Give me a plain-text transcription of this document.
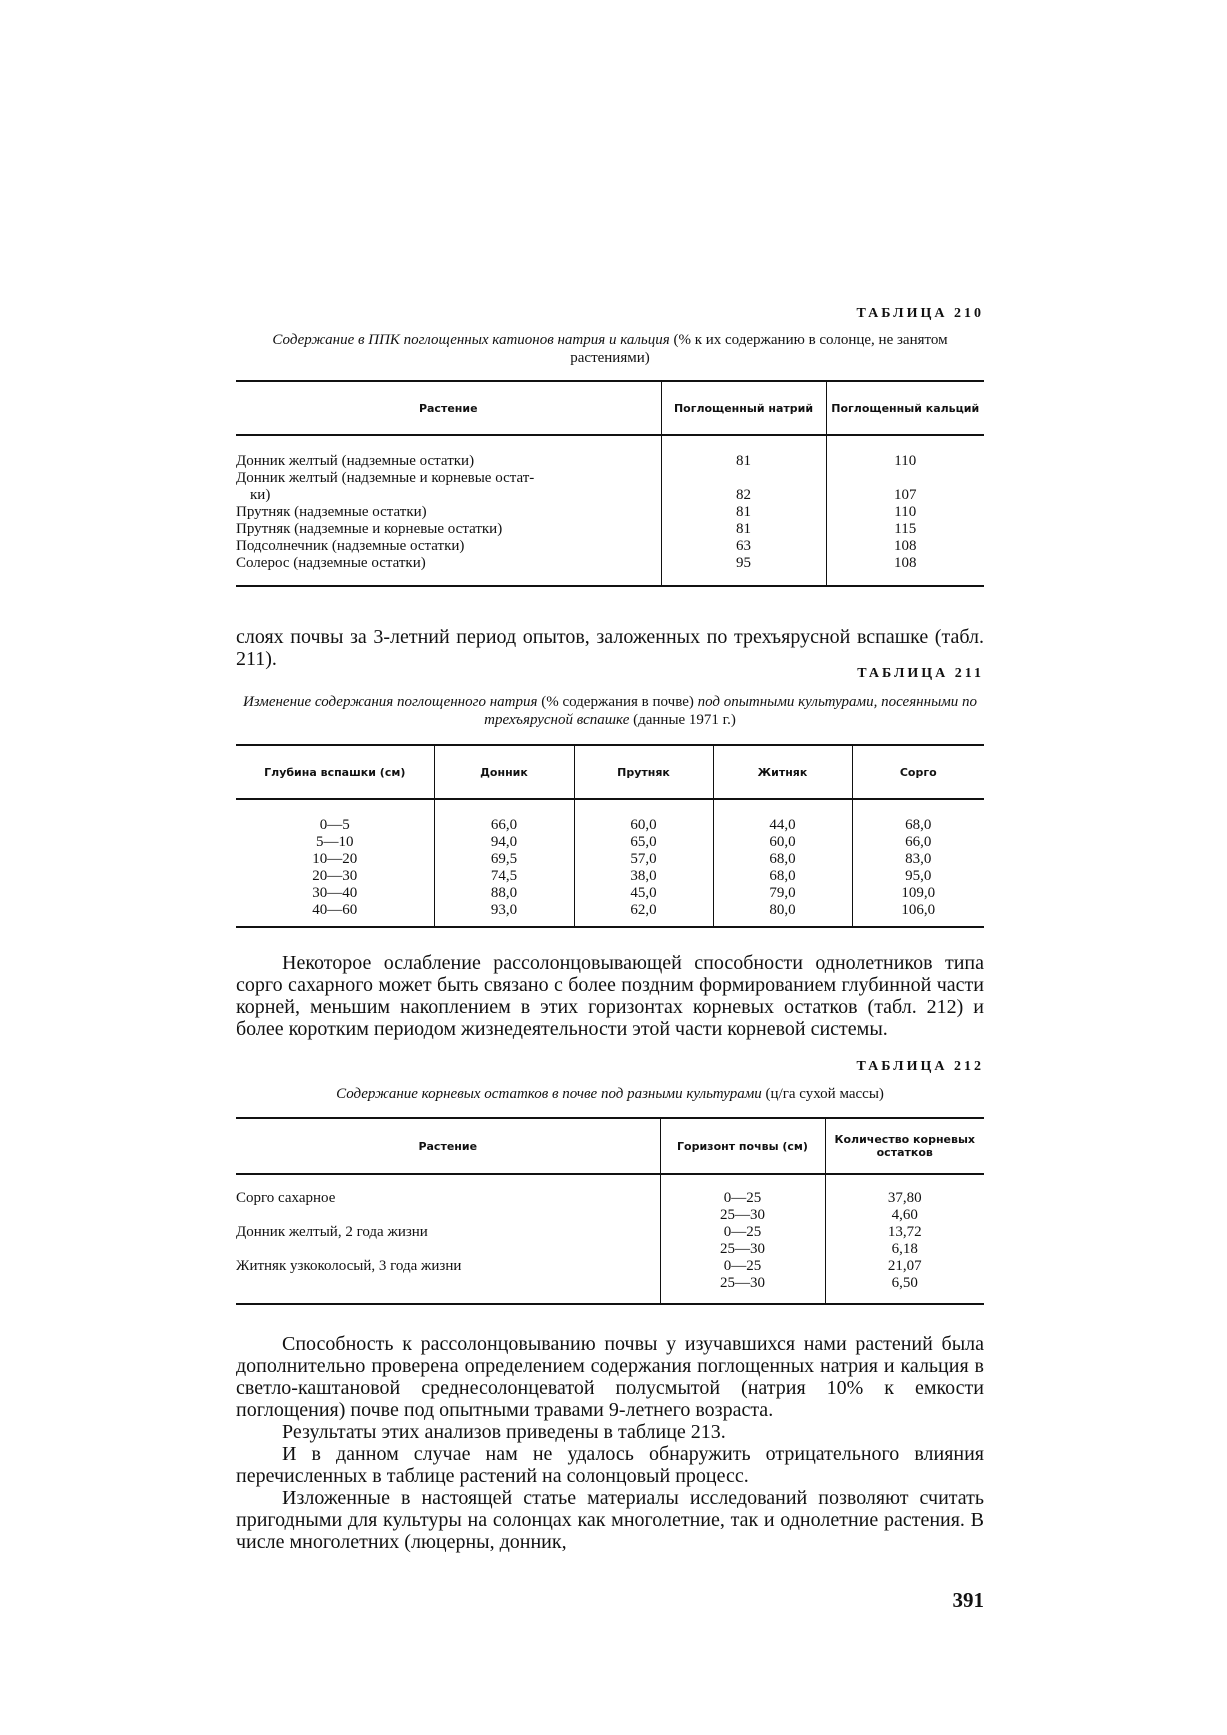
ТАБЛИЦА 210
Содержание в ППК поглощенных катионов натрия и кальция (% к их содержанию в солонце, не занятом растениями)
Растение	Поглощенный натрий	Поглощенный кальций

Донник желтый (надземные остатки)	81	110
Донник желтый (надземные и корневые остат-		
ки)	82	107
Прутняк (надземные остатки)	81	110
Прутняк (надземные и корневые остатки)	81	115
Подсолнечник (надземные остатки)	63	108
Солерос (надземные остатки)	95	108

слоях почвы за 3-летний период опытов, заложенных по трехъярусной вспашке (табл. 211).

ТАБЛИЦА 211
Изменение содержания поглощенного натрия (% содержания в почве) под опытными культурами, посеянными по трехъярусной вспашке (данные 1971 г.)
Глубина вспашки (см)	Донник	Прутняк	Житняк	Сорго

0—5	66,0	60,0	44,0	68,0
5—10	94,0	65,0	60,0	66,0
10—20	69,5	57,0	68,0	83,0
20—30	74,5	38,0	68,0	95,0
30—40	88,0	45,0	79,0	109,0
40—60	93,0	62,0	80,0	106,0

Некоторое ослабление рассолонцовывающей способности однолетников типа сорго сахарного может быть связано с более поздним формированием глубинной части корней, меньшим накоплением в этих горизонтах корневых остатков (табл. 212) и более коротким периодом жизнедеятельности этой части корневой системы.

ТАБЛИЦА 212
Содержание корневых остатков в почве под разными культурами (ц/га сухой массы)
Растение	Горизонт почвы (см)	Количество корневых остатков

Сорго сахарное	0—25	37,80
	25—30	4,60
Донник желтый, 2 года жизни	0—25	13,72
	25—30	6,18
Житняк узкоколосый, 3 года жизни	0—25	21,07
	25—30	6,50

Способность к рассолонцовыванию почвы у изучавшихся нами растений была дополнительно проверена определением содержания поглощенных натрия и кальция в светло-каштановой среднесолонцеватой полусмытой (натрия 10% к емкости поглощения) почве под опытными травами 9-летнего возраста.

Результаты этих анализов приведены в таблице 213.

И в данном случае нам не удалось обнаружить отрицательного влияния перечисленных в таблице растений на солонцовый процесс.

Изложенные в настоящей статье материалы исследований позволяют считать пригодными для культуры на солонцах как многолетние, так и однолетние растения. В числе многолетних (люцерны, донник,

391
